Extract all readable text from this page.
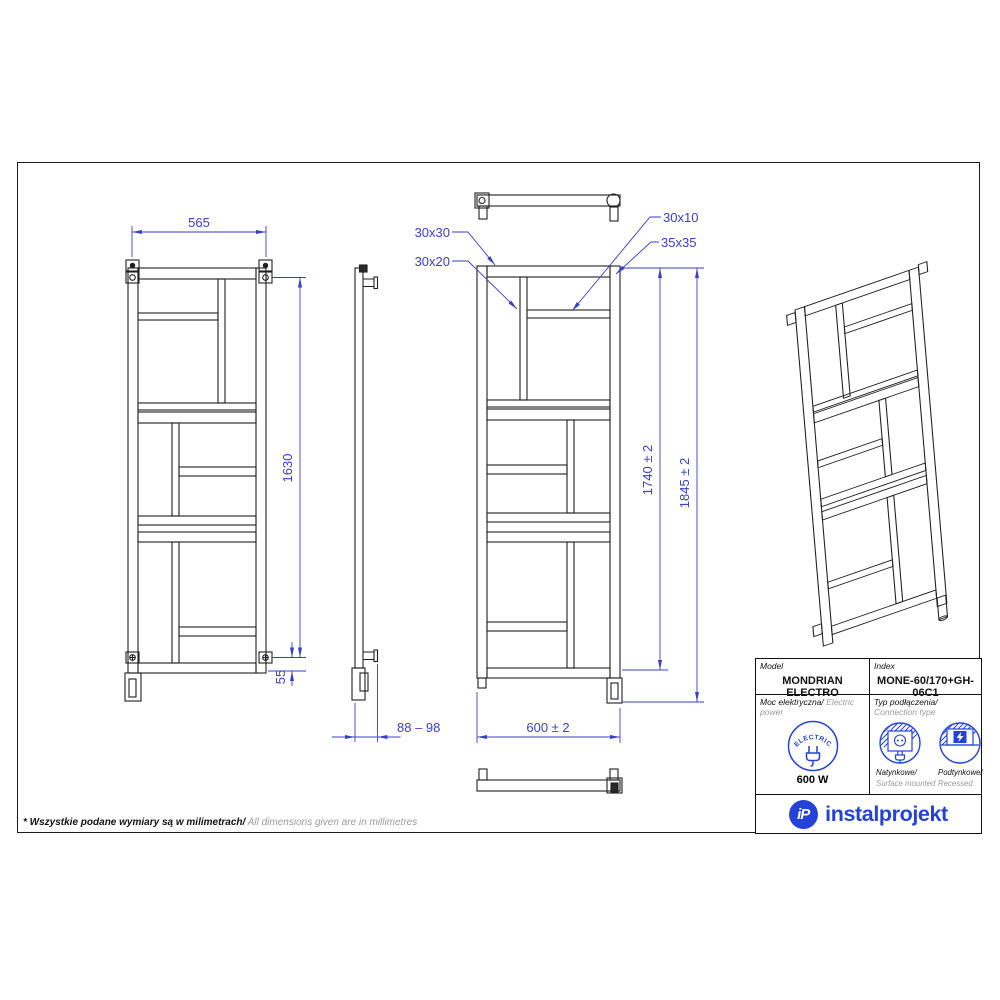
565
1630
55
88 – 98	600 ± 2
1740 ± 2 1845 ± 2
30x30
30x20
30x10
35x35
Model
MONDRIAN ELECTRO
Index
MONE-60/170+GH-06C1
Moc elektryczna/ Electric power
ELECTRIC
600 W
Typ podłączenia/
Connection type
Natynkowe/
Surface mounted
Podtynkowe/
Recessed
iP instalprojekt
* Wszystkie podane wymiary są w milimetrach/ All dimensions given are in millimetres
